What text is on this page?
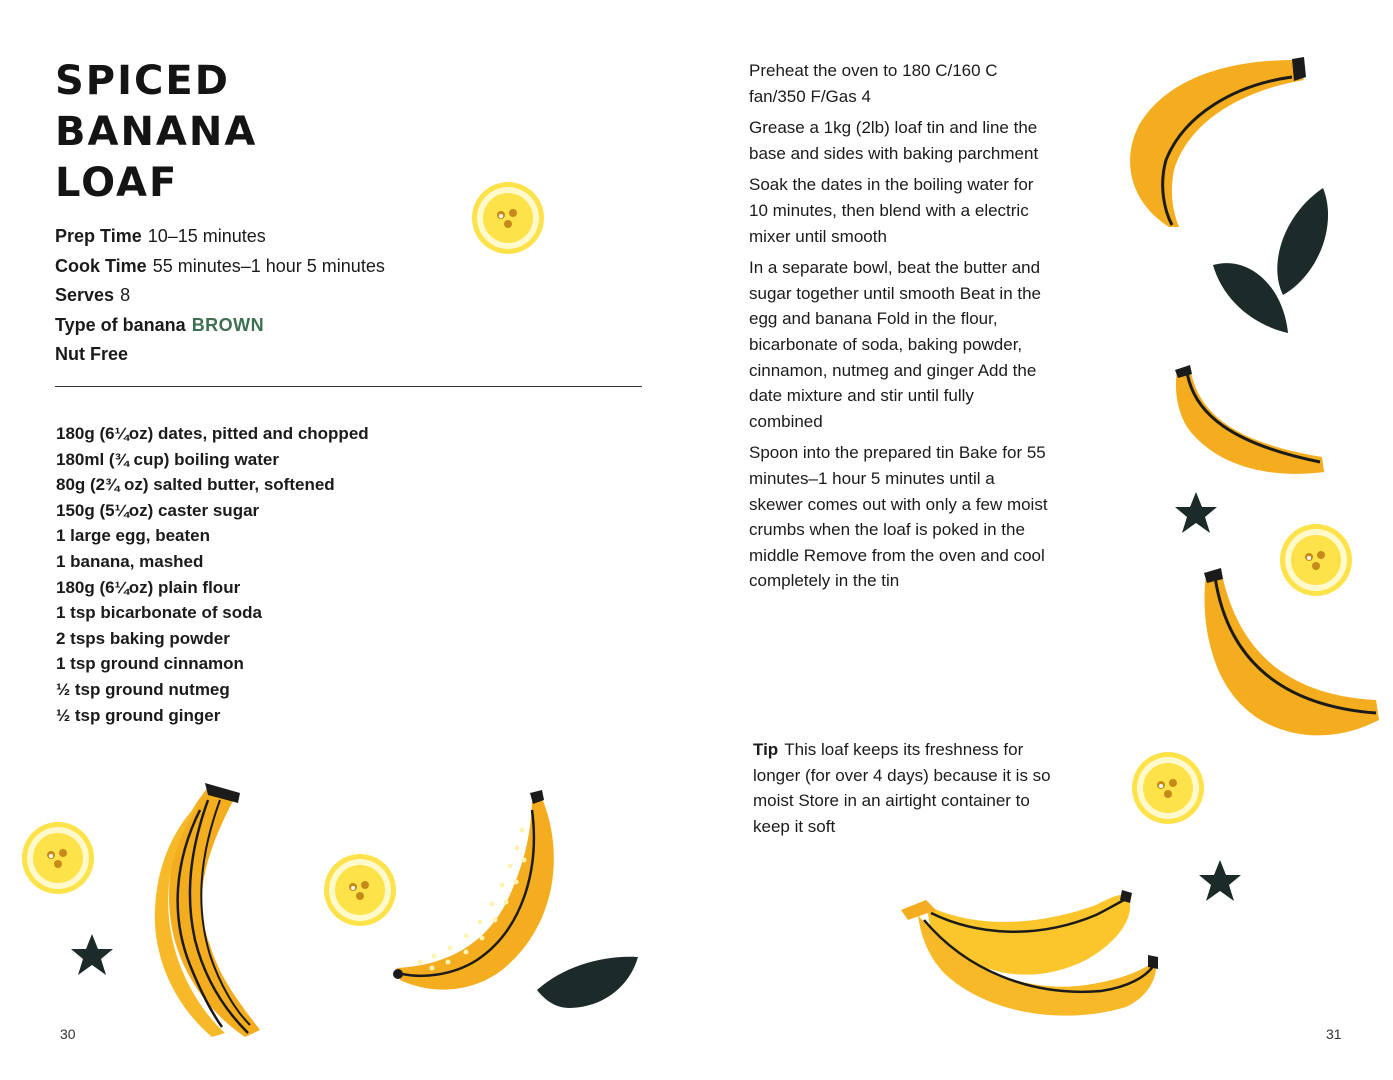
SPICED
BANANA
LOAF
Prep Time 10–15 minutes
Cook Time 55 minutes–1 hour 5 minutes
Serves 8
Type of banana BROWN
Nut Free
180g (6¼oz) dates, pitted and chopped
180ml (¾ cup) boiling water
80g (2¾ oz) salted butter, softened
150g (5¼oz) caster sugar
1 large egg, beaten
1 banana, mashed
180g (6¼oz) plain flour
1 tsp bicarbonate of soda
2 tsps baking powder
1 tsp ground cinnamon
½ tsp ground nutmeg
½ tsp ground ginger
30

Preheat the oven to 180 C/160 C fan/350 F/Gas 4

Grease a 1kg (2lb) loaf tin and line the base and sides with baking parchment

Soak the dates in the boiling water for 10 minutes, then blend with a electric mixer until smooth

In a separate bowl, beat the butter and sugar together until smooth Beat in the egg and banana Fold in the flour, bicarbonate of soda, baking powder, cinnamon, nutmeg and ginger Add the date mixture and stir until fully combined

Spoon into the prepared tin Bake for 55 minutes–1 hour 5 minutes until a skewer comes out with only a few moist crumbs when the loaf is poked in the middle Remove from the oven and cool completely in the tin

Tip This loaf keeps its freshness for longer (for over 4 days) because it is so moist Store in an airtight container to keep it soft
31
